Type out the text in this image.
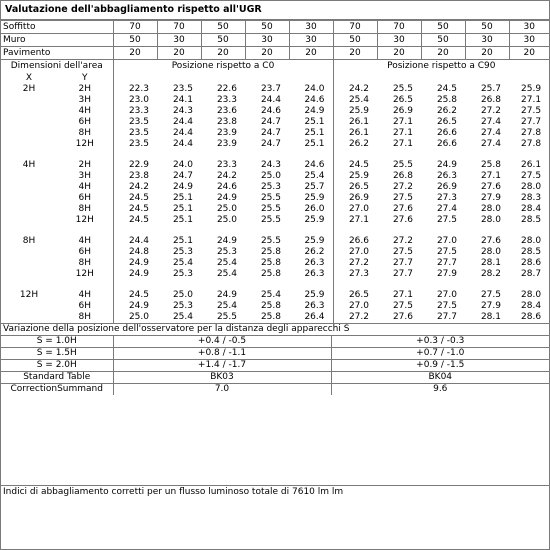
Valutazione dell'abbagliamento rispetto all'UGR
Soffitto	70	70	50	50	30	70	70	50	50	30
Muro	50	30	50	30	30	50	30	50	30	30
Pavimento	20	20	20	20	20	20	20	20	20	20
Dimensioni dell'area		Posizione rispetto a C0					Posizione rispetto a C90				
X	Y										
2H	2H	22.3	23.5	22.6	23.7	24.0	24.2	25.5	24.5	25.7	25.9
	3H	23.0	24.1	23.3	24.4	24.6	25.4	26.5	25.8	26.8	27.1
	4H	23.3	24.3	23.6	24.6	24.9	25.9	26.9	26.2	27.2	27.5
	6H	23.5	24.4	23.8	24.7	25.1	26.1	27.1	26.5	27.4	27.7
	8H	23.5	24.4	23.9	24.7	25.1	26.1	27.1	26.6	27.4	27.8
	12H	23.5	24.4	23.9	24.7	25.1	26.2	27.1	26.6	27.4	27.8

4H	2H	22.9	24.0	23.3	24.3	24.6	24.5	25.5	24.9	25.8	26.1
	3H	23.8	24.7	24.2	25.0	25.4	25.9	26.8	26.3	27.1	27.5
	4H	24.2	24.9	24.6	25.3	25.7	26.5	27.2	26.9	27.6	28.0
	6H	24.5	25.1	24.9	25.5	25.9	26.9	27.5	27.3	27.9	28.3
	8H	24.5	25.1	25.0	25.5	26.0	27.0	27.6	27.4	28.0	28.4
	12H	24.5	25.1	25.0	25.5	25.9	27.1	27.6	27.5	28.0	28.5

8H	4H	24.4	25.1	24.9	25.5	25.9	26.6	27.2	27.0	27.6	28.0
	6H	24.8	25.3	25.3	25.8	26.2	27.0	27.5	27.5	28.0	28.5
	8H	24.9	25.4	25.4	25.8	26.3	27.2	27.7	27.7	28.1	28.6
	12H	24.9	25.3	25.4	25.8	26.3	27.3	27.7	27.9	28.2	28.7

12H	4H	24.5	25.0	24.9	25.4	25.9	26.5	27.1	27.0	27.5	28.0
	6H	24.9	25.3	25.4	25.8	26.3	27.0	27.5	27.5	27.9	28.4
	8H	25.0	25.4	25.5	25.8	26.4	27.2	27.6	27.7	28.1	28.6
Variazione della posizione dell'osservatore per la distanza degli apparecchi S		
S = 1.0H	+0.4 / -0.5	+0.3 / -0.3
S = 1.5H	+0.8 / -1.1	+0.7 / -1.0
S = 2.0H	+1.4 / -1.7	+0.9 / -1.5
Standard Table	BK03	BK04
CorrectionSummand	7.0	9.6
Indici di abbagliamento corretti per un flusso luminoso totale di 7610 lm lm
